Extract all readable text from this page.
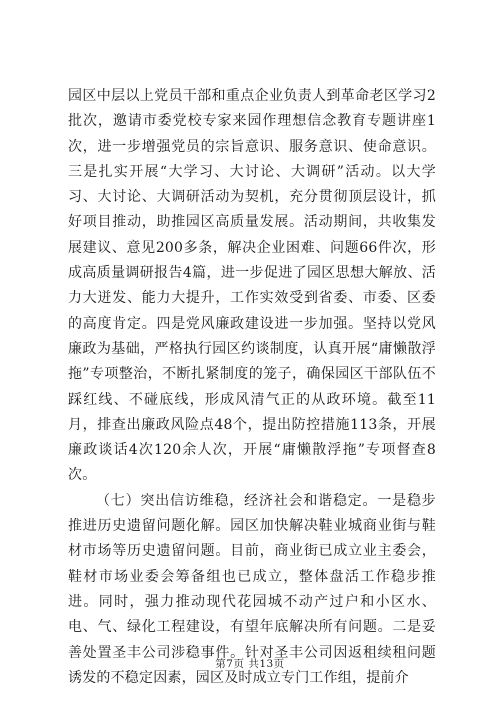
园区中层以上党员干部和重点企业负责人到革命老区学习2批次，邀请市委党校专家来园作理想信念教育专题讲座1次，进一步增强党员的宗旨意识、服务意识、使命意识。三是扎实开展“大学习、大讨论、大调研”活动。以大学习、大讨论、大调研活动为契机，充分贯彻顶层设计，抓好项目推动，助推园区高质量发展。活动期间，共收集发展建议、意见200多条，解决企业困难、问题66件次，形成高质量调研报告4篇，进一步促进了园区思想大解放、活力大迸发、能力大提升，工作实效受到省委、市委、区委的高度肯定。四是党风廉政建设进一步加强。坚持以党风廉政为基础，严格执行园区约谈制度，认真开展“庸懒散浮拖”专项整治，不断扎紧制度的笼子，确保园区干部队伍不踩红线、不碰底线，形成风清气正的从政环境。截至11月，排查出廉政风险点48个，提出防控措施113条，开展廉政谈话4次120余人次，开展“庸懒散浮拖”专项督查8次。

（七）突出信访维稳，经济社会和谐稳定。一是稳步推进历史遗留问题化解。园区加快解决鞋业城商业街与鞋材市场等历史遗留问题。目前，商业街已成立业主委会，鞋材市场业委会筹备组也已成立，整体盘活工作稳步推进。同时，强力推动现代花园城不动产过户和小区水、电、气、绿化工程建设，有望年底解决所有问题。二是妥善处置圣丰公司涉稳事件。针对圣丰公司因返租续租问题诱发的不稳定因素，园区及时成立专门工作组，提前介

第7页 共13页
